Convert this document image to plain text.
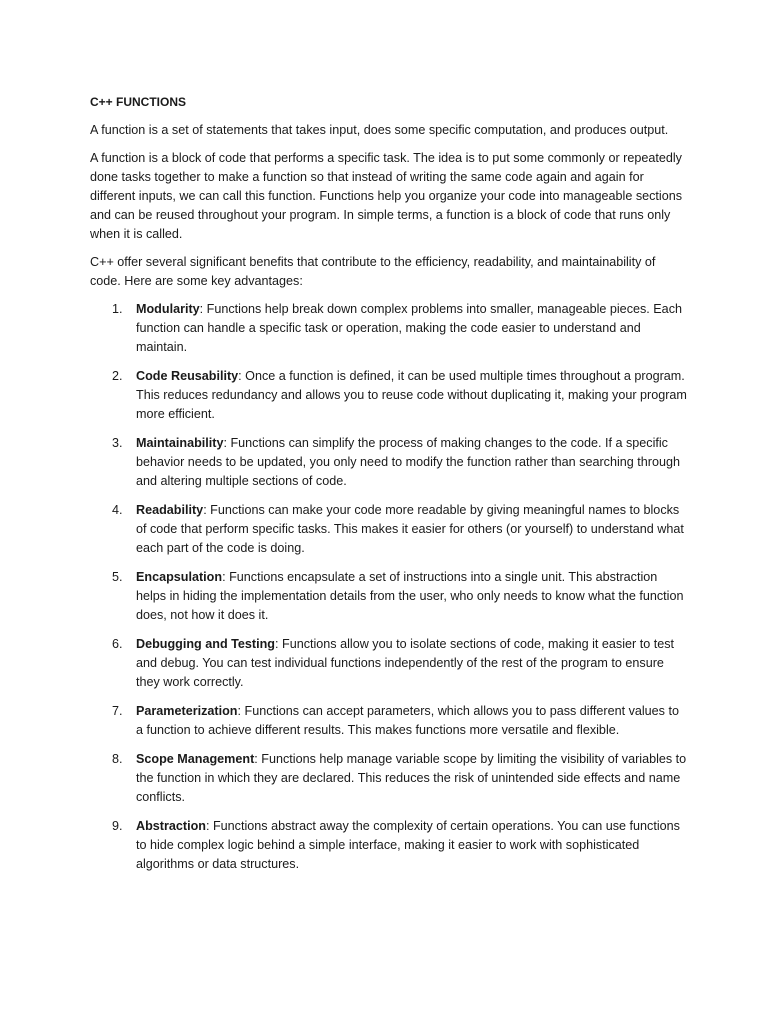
C++ FUNCTIONS

A function is a set of statements that takes input, does some specific computation, and produces output.

A function is a block of code that performs a specific task. The idea is to put some commonly or repeatedly done tasks together to make a function so that instead of writing the same code again and again for different inputs, we can call this function. Functions help you organize your code into manageable sections and can be reused throughout your program. In simple terms, a function is a block of code that runs only when it is called.

C++ offer several significant benefits that contribute to the efficiency, readability, and maintainability of code. Here are some key advantages:

1. Modularity: Functions help break down complex problems into smaller, manageable pieces. Each function can handle a specific task or operation, making the code easier to understand and maintain.
2. Code Reusability: Once a function is defined, it can be used multiple times throughout a program. This reduces redundancy and allows you to reuse code without duplicating it, making your program more efficient.
3. Maintainability: Functions can simplify the process of making changes to the code. If a specific behavior needs to be updated, you only need to modify the function rather than searching through and altering multiple sections of code.
4. Readability: Functions can make your code more readable by giving meaningful names to blocks of code that perform specific tasks. This makes it easier for others (or yourself) to understand what each part of the code is doing.
5. Encapsulation: Functions encapsulate a set of instructions into a single unit. This abstraction helps in hiding the implementation details from the user, who only needs to know what the function does, not how it does it.
6. Debugging and Testing: Functions allow you to isolate sections of code, making it easier to test and debug. You can test individual functions independently of the rest of the program to ensure they work correctly.
7. Parameterization: Functions can accept parameters, which allows you to pass different values to a function to achieve different results. This makes functions more versatile and flexible.
8. Scope Management: Functions help manage variable scope by limiting the visibility of variables to the function in which they are declared. This reduces the risk of unintended side effects and name conflicts.
9. Abstraction: Functions abstract away the complexity of certain operations. You can use functions to hide complex logic behind a simple interface, making it easier to work with sophisticated algorithms or data structures.
